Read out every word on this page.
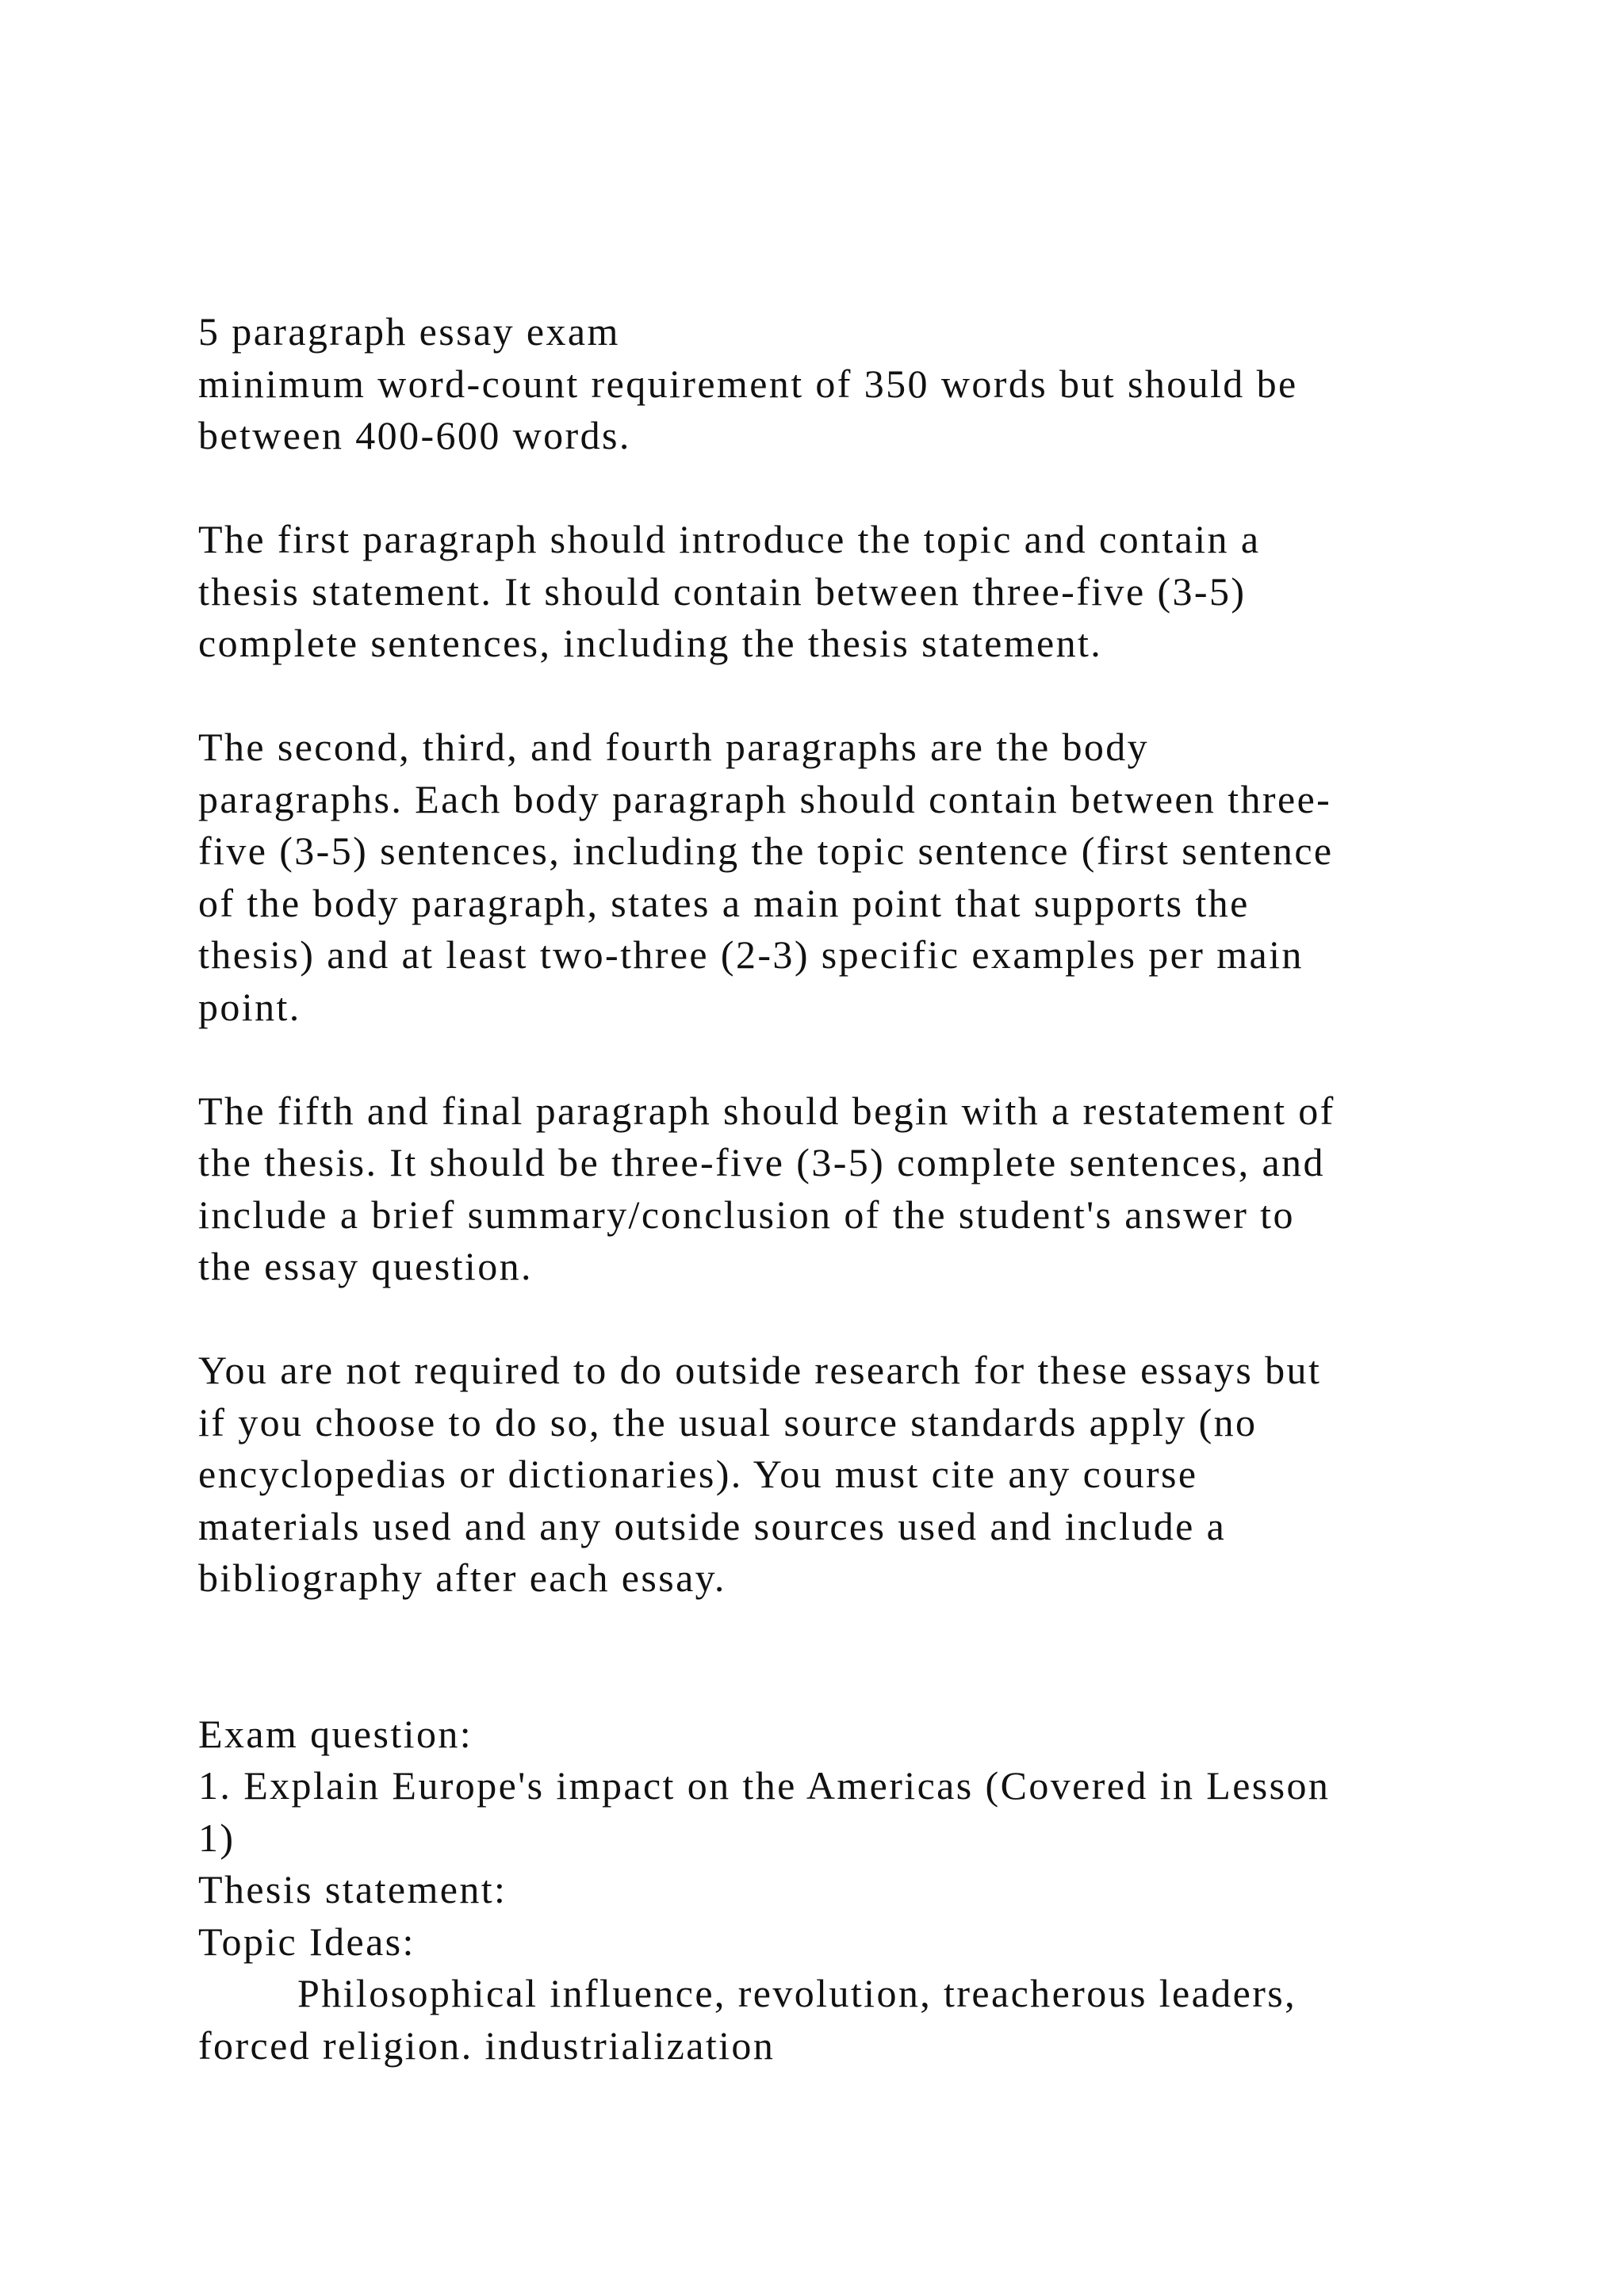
5 paragraph essay exam
minimum word-count requirement of 350 words but should be
between 400-600 words.
The first paragraph should introduce the topic and contain a
thesis statement. It should contain between three-five (3-5)
complete sentences, including the thesis statement.
The second, third, and fourth paragraphs are the body
paragraphs. Each body paragraph should contain between three-
five (3-5) sentences, including the topic sentence (first sentence
of the body paragraph, states a main point that supports the
thesis) and at least two-three (2-3) specific examples per main
point.
The fifth and final paragraph should begin with a restatement of
the thesis. It should be three-five (3-5) complete sentences, and
include a brief summary/conclusion of the student's answer to
the essay question.
You are not required to do outside research for these essays but
if you choose to do so, the usual source standards apply (no
encyclopedias or dictionaries). You must cite any course
materials used and any outside sources used and include a
bibliography after each essay.
Exam question:
1. Explain Europe's impact on the Americas (Covered in Lesson
1)
Thesis statement:
Topic Ideas:
Philosophical influence, revolution, treacherous leaders,
forced religion. industrialization
